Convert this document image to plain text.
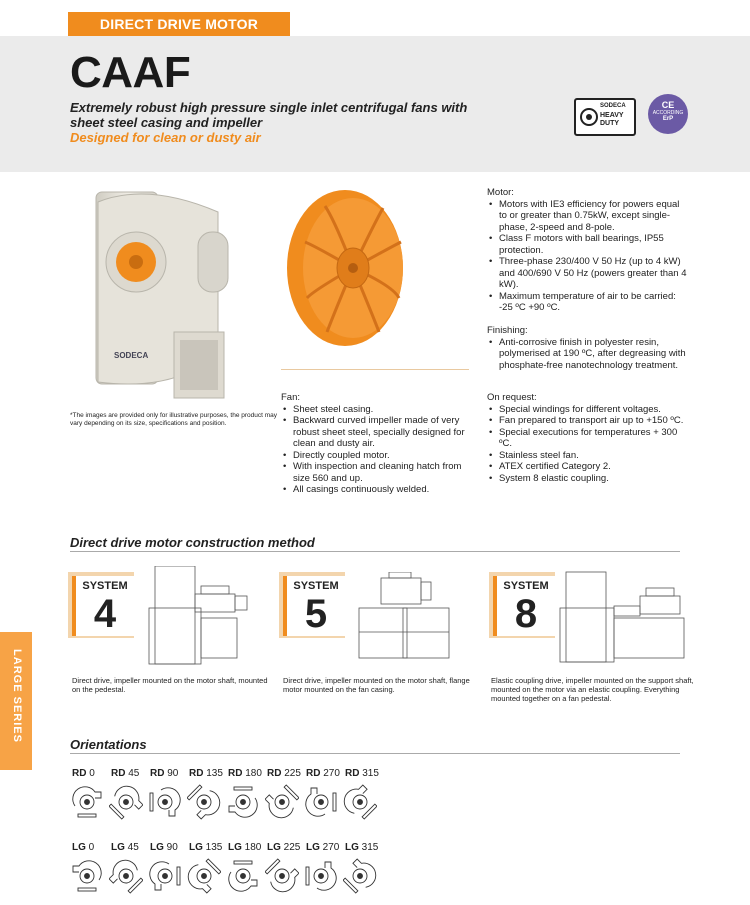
DIRECT DRIVE MOTOR
CAAF
Extremely robust high pressure single inlet centrifugal fans with sheet steel casing and impeller
Designed for clean or dusty air
SODECA
HEAVY DUTY
CE
ACCORDING
ErP
SODECA
*The images are provided only for illustrative purposes, the product may vary depending on its size, specifications and position.
Fan:
• Sheet steel casing.
• Backward curved impeller made of very robust sheet steel, specially designed for clean and dusty air.
• Directly coupled motor.
• With inspection and cleaning hatch from size 560 and up.
• All casings continuously welded.
Motor:
• Motors with IE3 efficiency for powers equal to or greater than 0.75kW, except single-phase, 2-speed and 8-pole.
• Class F motors with ball bearings, IP55 protection.
• Three-phase 230/400 V 50 Hz (up to 4 kW) and 400/690 V 50 Hz (powers greater than 4 kW).
• Maximum temperature of air to be carried: -25 ºC +90 ºC.
Finishing:
• Anti-corrosive finish in polyester resin, polymerised at 190 ºC, after degreasing with phosphate-free nanotechnology treatment.
On request:
• Special windings for different voltages.
• Fan prepared to transport air up to +150 ºC.
• Special executions for temperatures + 300 ºC.
• Stainless steel fan.
• ATEX certified Category 2.
• System 8 elastic coupling.
Direct drive motor construction method
SYSTEM
4
Direct drive, impeller mounted on the motor shaft, mounted on the pedestal.
SYSTEM
5
Direct drive, impeller mounted on the motor shaft, flange motor mounted on the fan casing.
SYSTEM
8
Elastic coupling drive, impeller mounted on the support shaft, mounted on the motor via an elastic coupling. Everything mounted together on a fan pedestal.
LARGE SERIES
Orientations
RD 0 RD 45 RD 90 RD 135 RD 180 RD 225 RD 270 RD 315
LG 0 LG 45 LG 90 LG 135 LG 180 LG 225 LG 270 LG 315
